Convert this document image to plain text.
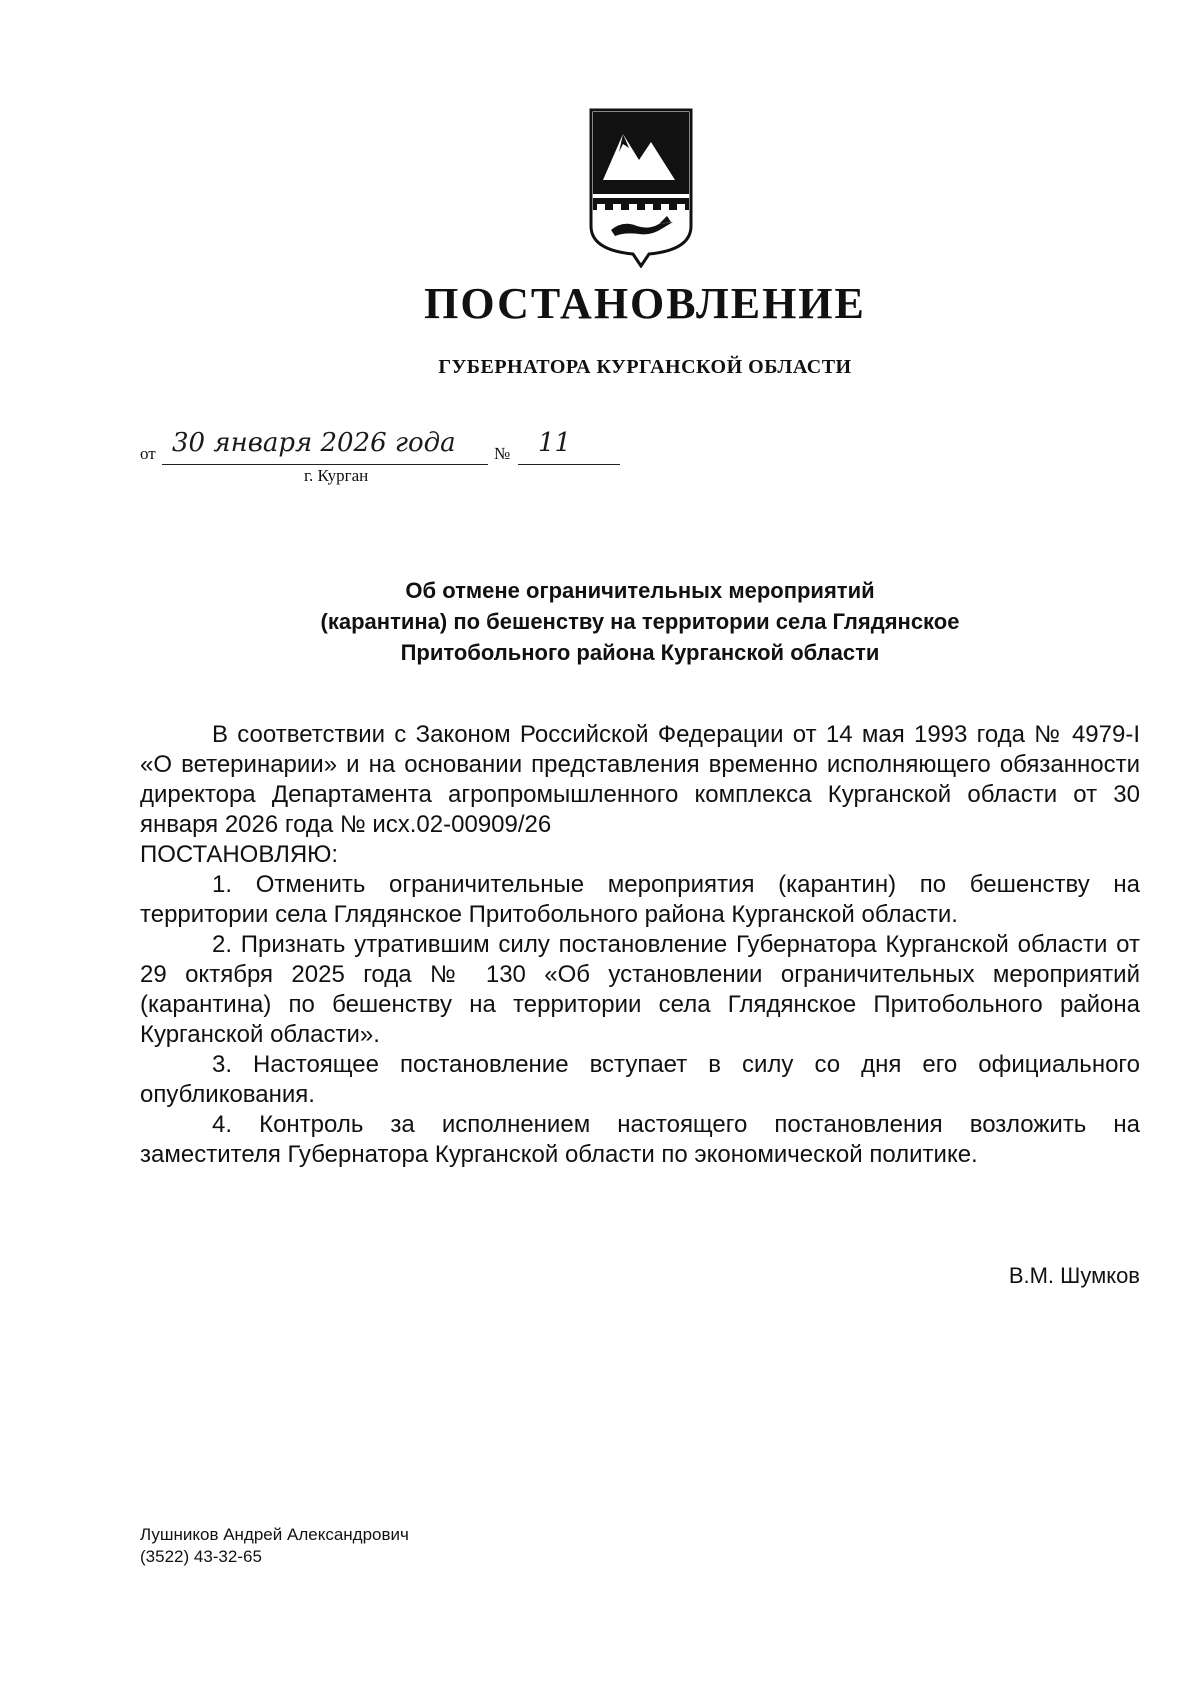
ПОСТАНОВЛЕНИЕ
ГУБЕРНАТОРА КУРГАНСКОЙ ОБЛАСТИ
от 30 января 2026 года № 11
г. Курган
Об отмене ограничительных мероприятий
(карантина) по бешенству на территории села Глядянское
Притобольного района Курганской области

В соответствии с Законом Российской Федерации от 14 мая 1993 года № 4979-I «О ветеринарии» и на основании представления временно исполняющего обязанности директора Департамента агропромышленного комплекса Курганской области от 30 января 2026 года № исх.02-00909/26

ПОСТАНОВЛЯЮ:

1. Отменить ограничительные мероприятия (карантин) по бешенству на территории села Глядянское Притобольного района Курганской области.

2. Признать утратившим силу постановление Губернатора Курганской области от 29 октября 2025 года № 130 «Об установлении ограничительных мероприятий (карантина) по бешенству на территории села Глядянское Притобольного района Курганской области».

3. Настоящее постановление вступает в силу со дня его официального опубликования.

4. Контроль за исполнением настоящего постановления возложить на заместителя Губернатора Курганской области по экономической политике.

В.М. Шумков
Лушников Андрей Александрович
(3522) 43-32-65
